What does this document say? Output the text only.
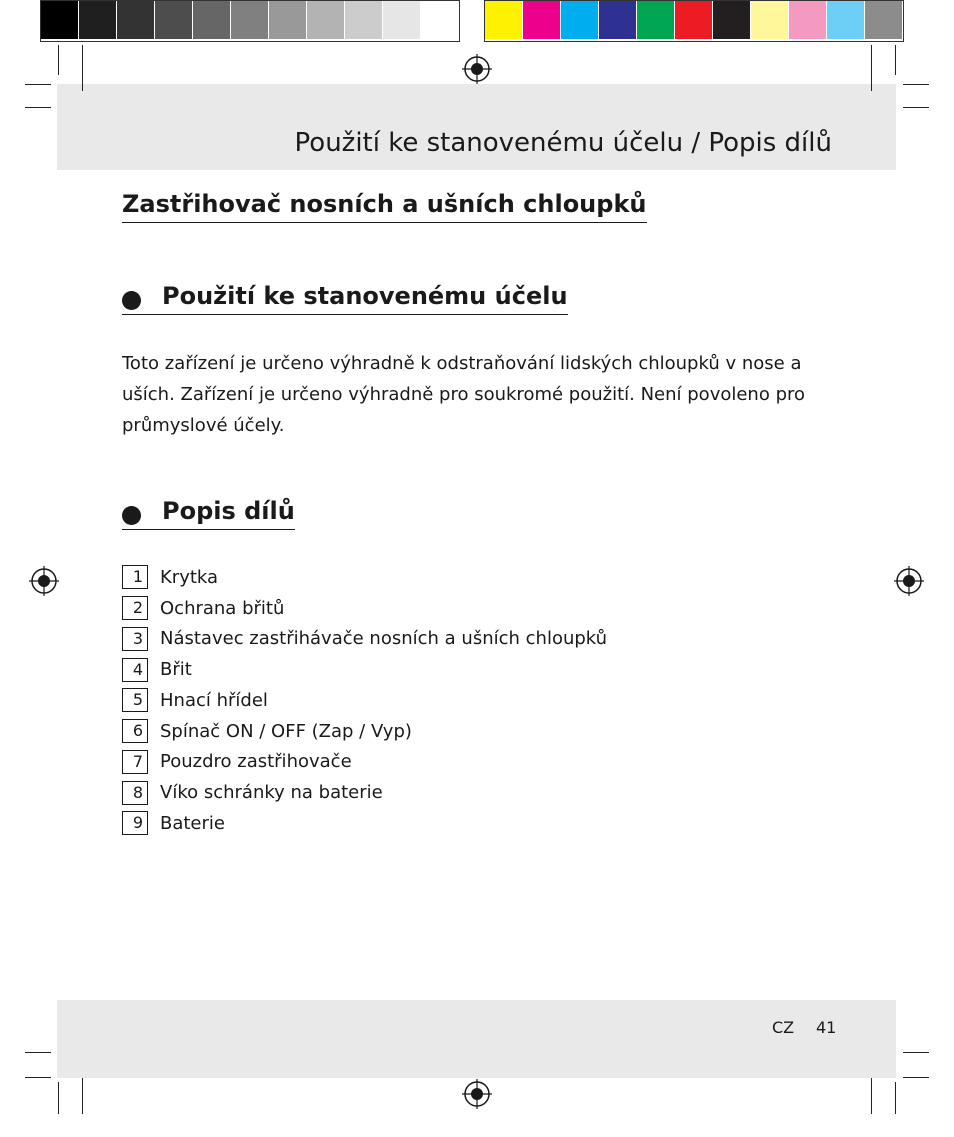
Použití ke stanovenému účelu / Popis dílů
Zastřihovač nosních a ušních chloupků
Použití ke stanovenému účelu

Toto zařízení je určeno výhradně k odstraňování lidských chloupků v nose a uších. Zařízení je určeno výhradně pro soukromé použití. Není povoleno pro průmyslové účely.

Popis dílů
1 Krytka
2 Ochrana břitů
3 Nástavec zastřihávače nosních a ušních chloupků
4 Břit
5 Hnací hřídel
6 Spínač ON / OFF (Zap / Vyp)
7 Pouzdro zastřihovače
8 Víko schránky na baterie
9 Baterie
CZ 41
